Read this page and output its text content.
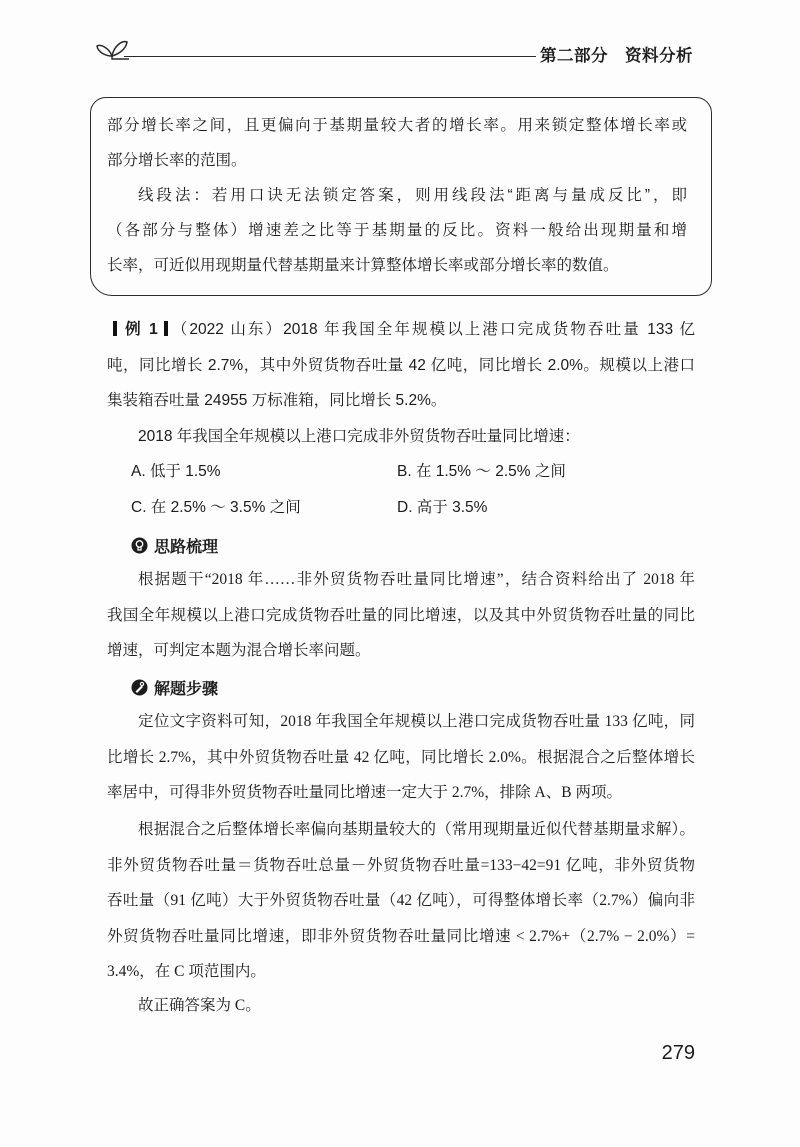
第二部分　资料分析
部分增长率之间，且更偏向于基期量较大者的增长率。用来锁定整体增长率或
部分增长率的范围。
线段法：若用口诀无法锁定答案，则用线段法“距离与量成反比”，即
（各部分与整体）增速差之比等于基期量的反比。资料一般给出现期量和增
长率，可近似用现期量代替基期量来计算整体增长率或部分增长率的数值。
例 1 （2022 山东）2018 年我国全年规模以上港口完成货物吞吐量 133 亿
吨，同比增长 2.7%，其中外贸货物吞吐量 42 亿吨，同比增长 2.0%。规模以上港口
集装箱吞吐量 24955 万标准箱，同比增长 5.2%。
2018 年我国全年规模以上港口完成非外贸货物吞吐量同比增速：
A. 低于 1.5%	B. 在 1.5% ～ 2.5% 之间
C. 在 2.5% ～ 3.5% 之间	D. 高于 3.5%
思路梳理
根据题干“2018 年……非外贸货物吞吐量同比增速”，结合资料给出了 2018 年
我国全年规模以上港口完成货物吞吐量的同比增速，以及其中外贸货物吞吐量的同比
增速，可判定本题为混合增长率问题。
解题步骤
定位文字资料可知，2018 年我国全年规模以上港口完成货物吞吐量 133 亿吨，同
比增长 2.7%，其中外贸货物吞吐量 42 亿吨，同比增长 2.0%。根据混合之后整体增长
率居中，可得非外贸货物吞吐量同比增速一定大于 2.7%，排除 A、B 两项。
根据混合之后整体增长率偏向基期量较大的（常用现期量近似代替基期量求解）。
非外贸货物吞吐量＝货物吞吐总量－外贸货物吞吐量=133−42=91 亿吨，非外贸货物
吞吐量（91 亿吨）大于外贸货物吞吐量（42 亿吨），可得整体增长率（2.7%）偏向非
外贸货物吞吐量同比增速，即非外贸货物吞吐量同比增速 < 2.7%+（2.7% − 2.0%）=
3.4%，在 C 项范围内。
故正确答案为 C。
279
